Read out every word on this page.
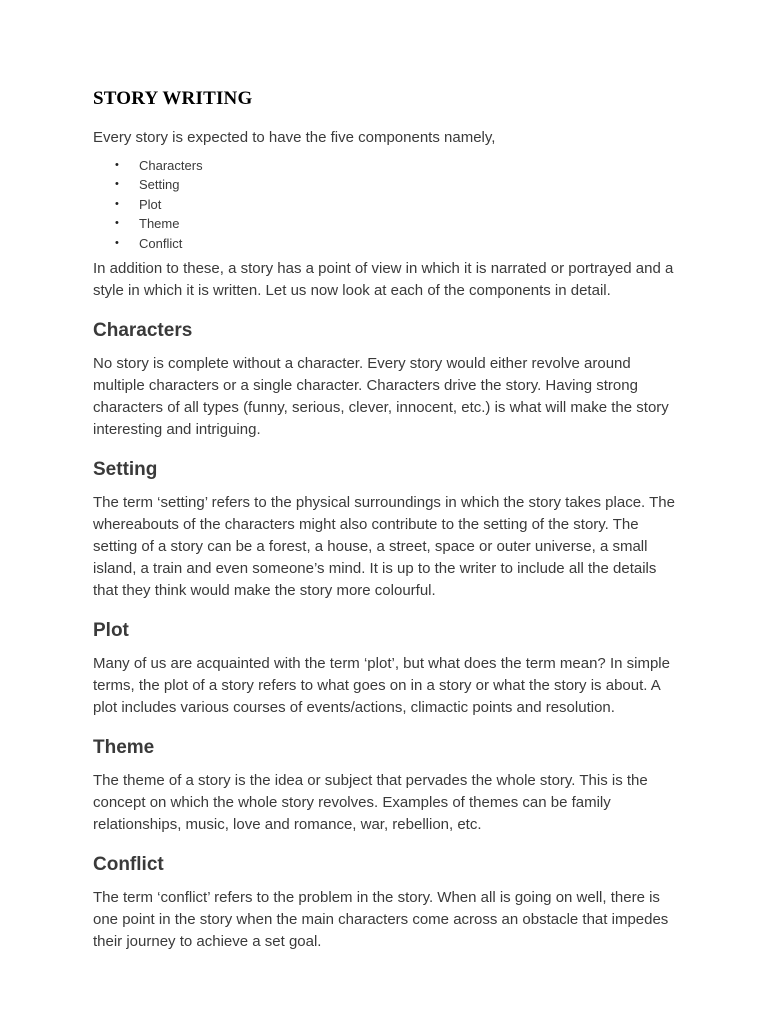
STORY WRITING

Every story is expected to have the five components namely,

• Characters
• Setting
• Plot
• Theme
• Conflict

In addition to these, a story has a point of view in which it is narrated or portrayed and a style in which it is written. Let us now look at each of the components in detail.

Characters

No story is complete without a character. Every story would either revolve around multiple characters or a single character. Characters drive the story. Having strong characters of all types (funny, serious, clever, innocent, etc.) is what will make the story interesting and intriguing.

Setting

The term ‘setting’ refers to the physical surroundings in which the story takes place. The whereabouts of the characters might also contribute to the setting of the story. The setting of a story can be a forest, a house, a street, space or outer universe, a small island, a train and even someone’s mind. It is up to the writer to include all the details that they think would make the story more colourful.

Plot

Many of us are acquainted with the term ‘plot’, but what does the term mean? In simple terms, the plot of a story refers to what goes on in a story or what the story is about. A plot includes various courses of events/actions, climactic points and resolution.

Theme

The theme of a story is the idea or subject that pervades the whole story. This is the concept on which the whole story revolves. Examples of themes can be family relationships, music, love and romance, war, rebellion, etc.

Conflict

The term ‘conflict’ refers to the problem in the story. When all is going on well, there is one point in the story when the main characters come across an obstacle that impedes their journey to achieve a set goal.
